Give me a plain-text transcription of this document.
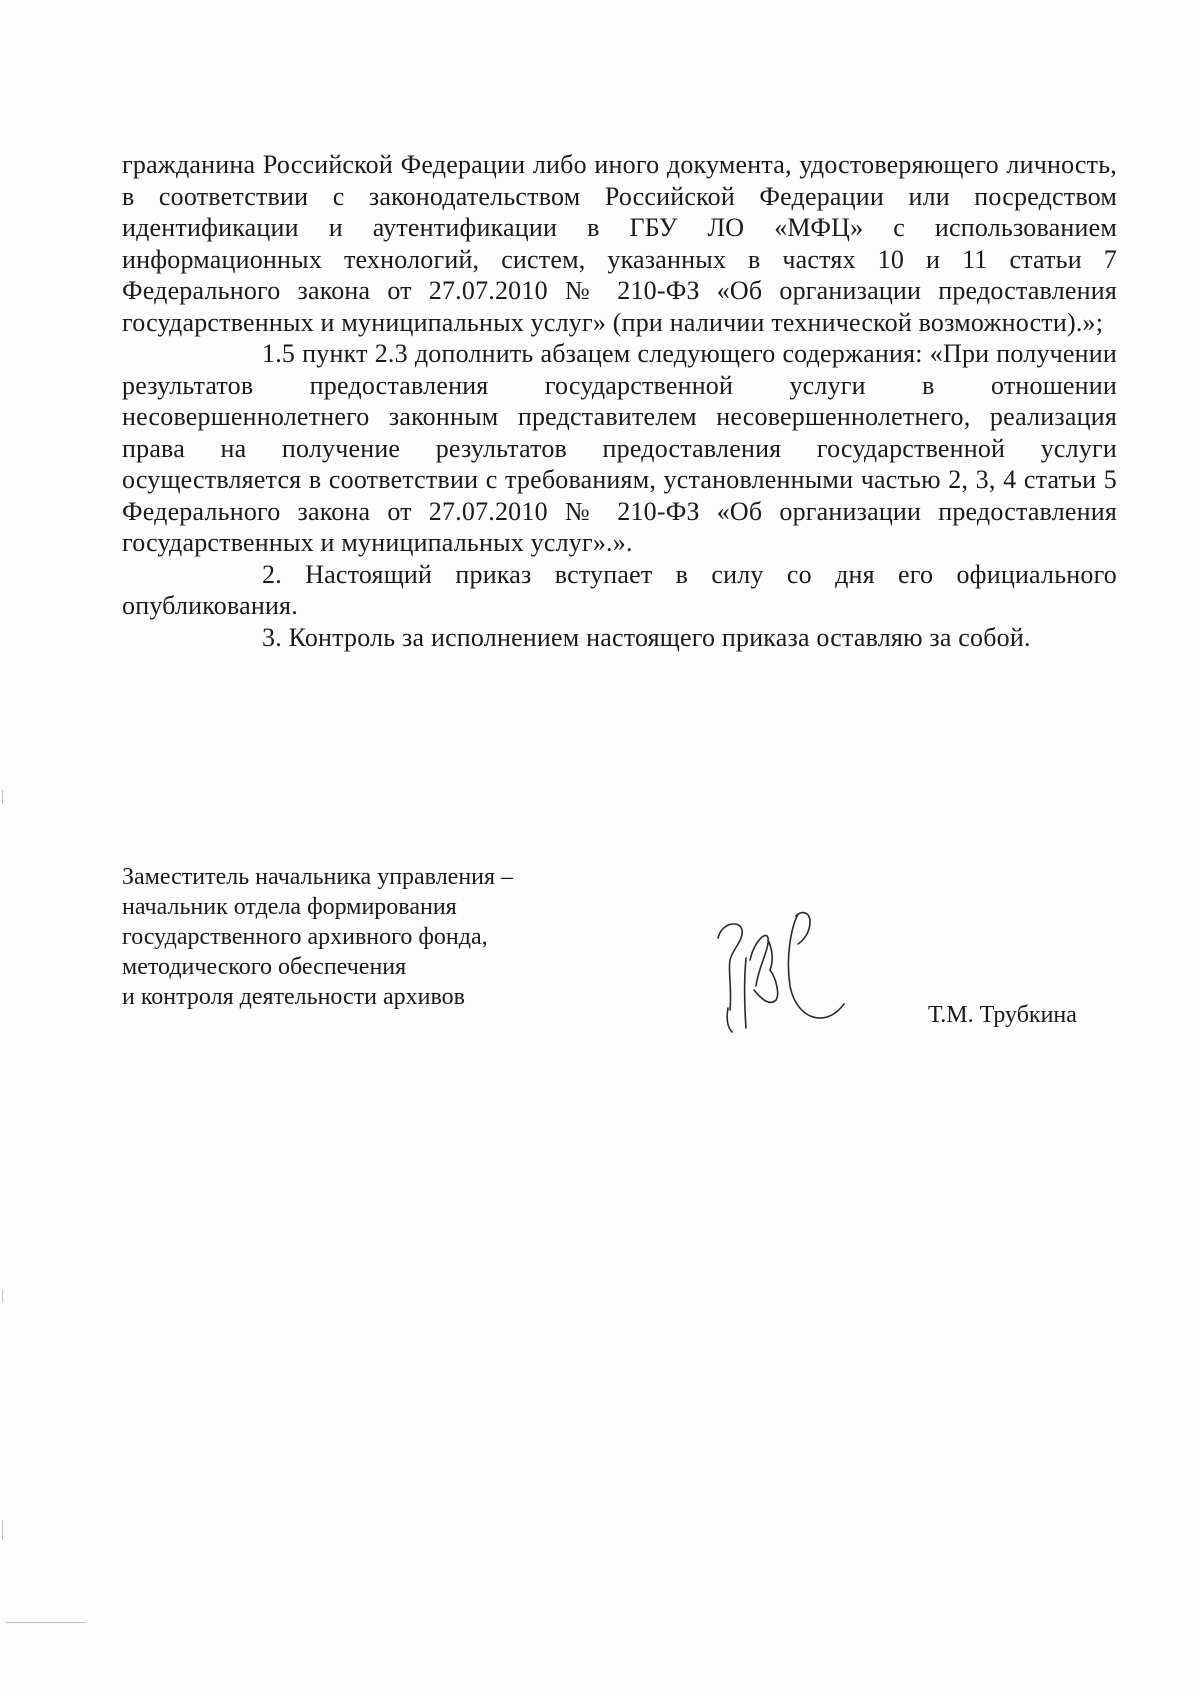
гражданина Российской Федерации либо иного документа, удостоверяющего личность, в соответствии с законодательством Российской Федерации или посредством идентификации и аутентификации в ГБУ ЛО «МФЦ» с использованием информационных технологий, систем, указанных в частях 10 и 11 статьи 7 Федерального закона от 27.07.2010 № 210-ФЗ «Об организации предоставления государственных и муниципальных услуг» (при наличии технической возможности).»;

1.5 пункт 2.3 дополнить абзацем следующего содержания: «При получении результатов предоставления государственной услуги в отношении несовершеннолетнего законным представителем несовершеннолетнего, реализация права на получение результатов предоставления государственной услуги осуществляется в соответствии с требованиям, установленными частью 2, 3, 4 статьи 5 Федерального закона от 27.07.2010 № 210-ФЗ «Об организации предоставления государственных и муниципальных услуг».».

2. Настоящий приказ вступает в силу со дня его официального опубликования.

3. Контроль за исполнением настоящего приказа оставляю за собой.

Заместитель начальника управления –
начальник отдела формирования
государственного архивного фонда,
методического обеспечения
и контроля деятельности архивов
Т.М. Трубкина
